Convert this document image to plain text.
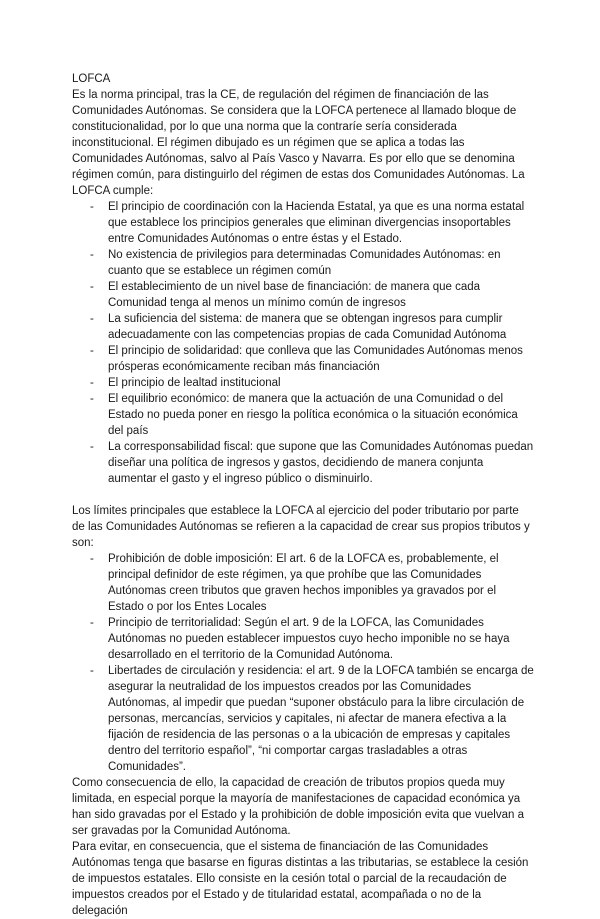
LOFCA

Es la norma principal, tras la CE, de regulación del régimen de financiación de las Comunidades Autónomas. Se considera que la LOFCA pertenece al llamado bloque de constitucionalidad, por lo que una norma que la contraríe sería considerada inconstitucional. El régimen dibujado es un régimen que se aplica a todas las Comunidades Autónomas, salvo al País Vasco y Navarra. Es por ello que se denomina régimen común, para distinguirlo del régimen de estas dos Comunidades Autónomas. La LOFCA cumple:

- El principio de coordinación con la Hacienda Estatal, ya que es una norma estatal que establece los principios generales que eliminan divergencias insoportables entre Comunidades Autónomas o entre éstas y el Estado.
- No existencia de privilegios para determinadas Comunidades Autónomas: en cuanto que se establece un régimen común
- El establecimiento de un nivel base de financiación: de manera que cada Comunidad tenga al menos un mínimo común de ingresos
- La suficiencia del sistema: de manera que se obtengan ingresos para cumplir adecuadamente con las competencias propias de cada Comunidad Autónoma
- El principio de solidaridad: que conlleva que las Comunidades Autónomas menos prósperas económicamente reciban más financiación
- El principio de lealtad institucional
- El equilibrio económico: de manera que la actuación de una Comunidad o del Estado no pueda poner en riesgo la política económica o la situación económica del país
- La corresponsabilidad fiscal: que supone que las Comunidades Autónomas puedan diseñar una política de ingresos y gastos, decidiendo de manera conjunta aumentar el gasto y el ingreso público o disminuirlo.

Los límites principales que establece la LOFCA al ejercicio del poder tributario por parte de las Comunidades Autónomas se refieren a la capacidad de crear sus propios tributos y son:

- Prohibición de doble imposición: El art. 6 de la LOFCA es, probablemente, el principal definidor de este régimen, ya que prohíbe que las Comunidades Autónomas creen tributos que graven hechos imponibles ya gravados por el Estado o por los Entes Locales
- Principio de territorialidad: Según el art. 9 de la LOFCA, las Comunidades Autónomas no pueden establecer impuestos cuyo hecho imponible no se haya desarrollado en el territorio de la Comunidad Autónoma.
- Libertades de circulación y residencia: el art. 9 de la LOFCA también se encarga de asegurar la neutralidad de los impuestos creados por las Comunidades Autónomas, al impedir que puedan “suponer obstáculo para la libre circulación de personas, mercancías, servicios y capitales, ni afectar de manera efectiva a la fijación de residencia de las personas o a la ubicación de empresas y capitales dentro del territorio español”, “ni comportar cargas trasladables a otras Comunidades”.

Como consecuencia de ello, la capacidad de creación de tributos propios queda muy limitada, en especial porque la mayoría de manifestaciones de capacidad económica ya han sido gravadas por el Estado y la prohibición de doble imposición evita que vuelvan a ser gravadas por la Comunidad Autónoma.

Para evitar, en consecuencia, que el sistema de financiación de las Comunidades Autónomas tenga que basarse en figuras distintas a las tributarias, se establece la cesión de impuestos estatales. Ello consiste en la cesión total o parcial de la recaudación de impuestos creados por el Estado y de titularidad estatal, acompañada o no de la delegación
